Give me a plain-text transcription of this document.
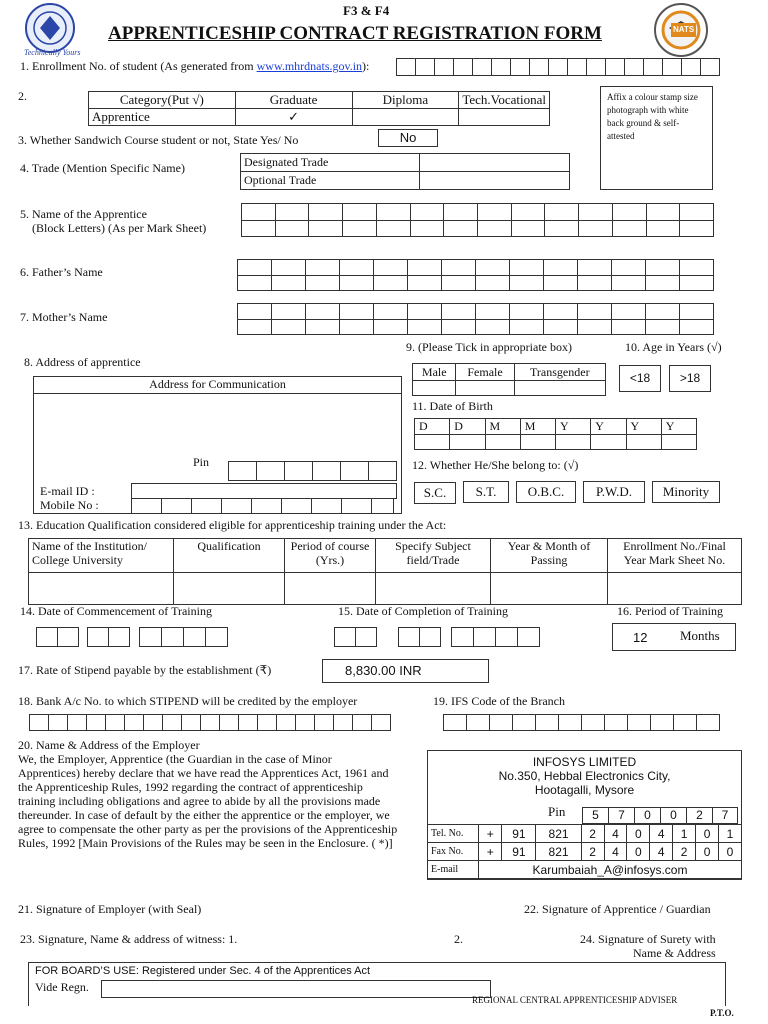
Technically Yours
NATS
F3 & F4
APPRENTICESHIP CONTRACT REGISTRATION FORM
1. Enrollment No. of student (As generated from www.mhrdnats.gov.in):
2.	Category(Put √)	Graduate	Diploma	Tech.Vocational
Apprentice	✓		
Affix a colour stamp size photograph with white back ground & self-attested
3. Whether Sandwich Course student or not, State Yes/ No	No
4. Trade (Mention Specific Name)	Designated Trade	
Optional Trade	
5. Name of the Apprentice
(Block Letters) (As per Mark Sheet)
6. Father’s Name
7. Mother’s Name
8. Address of apprentice
Address for Communication
Pin
E-mail ID :
Mobile No :
9. (Please Tick in appropriate box)
Male	Female	Transgender

10. Age in Years (√)
<18	>18
11. Date of Birth
D	D	M	M	Y	Y	Y	Y
12. Whether He/She belong to: (√)
S.C.	S.T.	O.B.C.	P.W.D.	Minority
13. Education Qualification considered eligible for apprenticeship training under the Act:
Name of the Institution/ College University	Qualification	Period of course (Yrs.)	Specify Subject field/Trade	Year & Month of Passing	Enrollment No./Final Year Mark Sheet No.

14. Date of Commencement of Training	15. Date of Completion of Training	16. Period of Training
12	Months
17. Rate of Stipend payable by the establishment (₹)	8,830.00 INR
18. Bank A/c No. to which STIPEND will be credited by the employer	19. IFS Code of the Branch
20. Name & Address of the Employer
We, the Employer, Apprentice (the Guardian in the case of Minor
Apprentices) hereby declare that we have read the Apprentices Act, 1961 and
the Apprenticeship Rules, 1992 regarding the contract of apprenticeship
training including obligations and agree to abide by all the provisions made
thereunder. In case of default by the either the apprentice or the employer, we
agree to compensate the other party as per the provisions of the Apprenticeship
Rules, 1992 [Main Provisions of the Rules may be seen in the Enclosure. ( *)]
INFOSYS LIMITED
No.350, Hebbal Electronics City,
Hootagalli, Mysore
Pin	5	7	0	0	2	7
Tel. No.	+	91	821	2	4	0	4	1	0	1
Fax No.	+	91	821	2	4	0	4	2	0	0
E-mail	Karumbaiah_A@infosys.com									
21. Signature of Employer (with Seal)	22. Signature of Apprentice / Guardian
23. Signature, Name & address of witness: 1.	2.	24. Signature of Surety with
Name & Address
FOR BOARD’S USE: Registered under Sec. 4 of the Apprentices Act
Vide Regn.
REGIONAL CENTRAL APPRENTICESHIP ADVISER
P.T.O.
